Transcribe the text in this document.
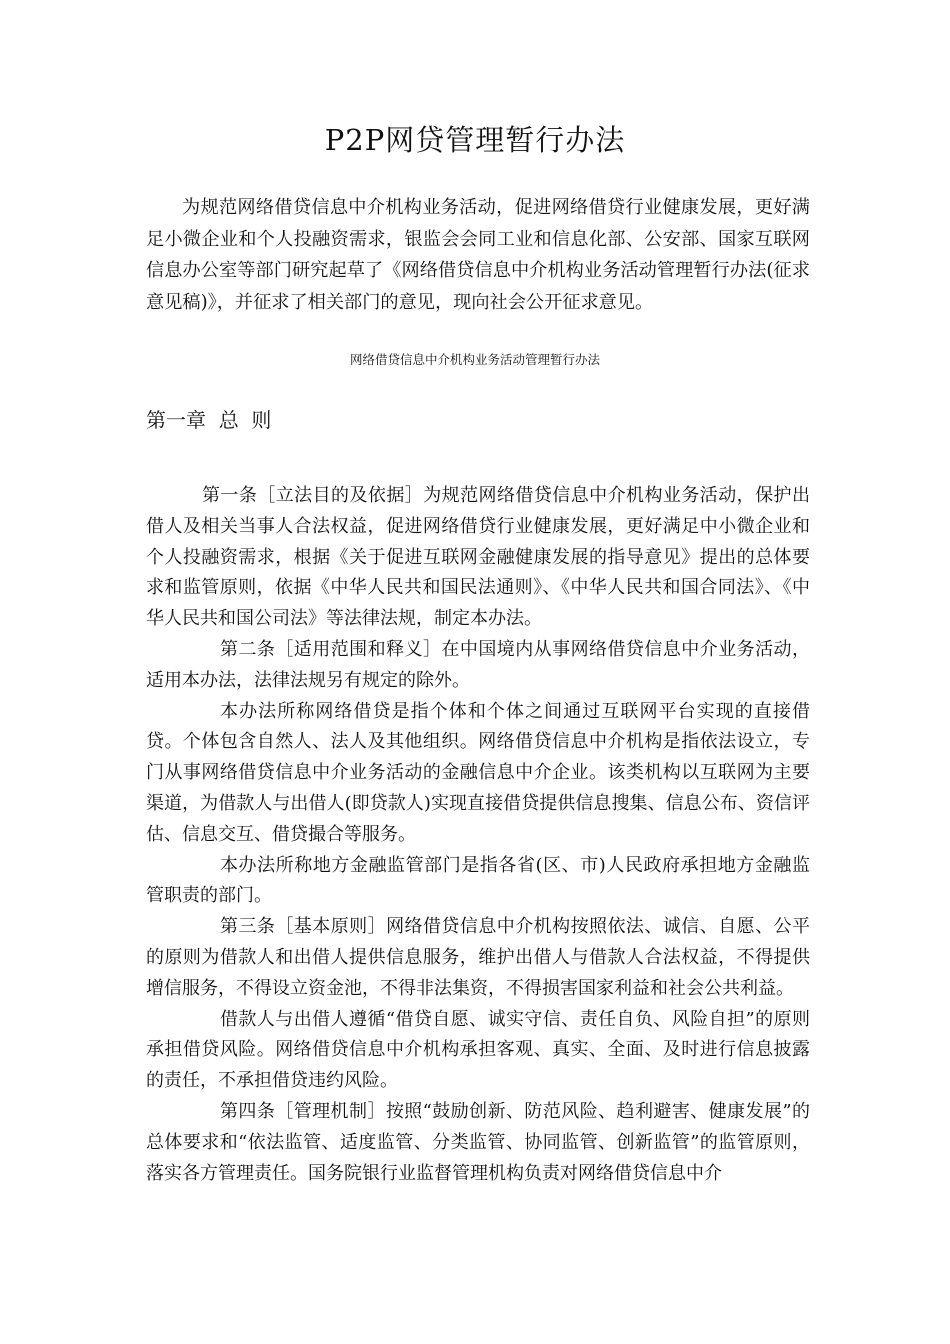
P2P网贷管理暂行办法

为规范网络借贷信息中介机构业务活动，促进网络借贷行业健康发展，更好满足小微企业和个人投融资需求，银监会会同工业和信息化部、公安部、国家互联网信息办公室等部门研究起草了《网络借贷信息中介机构业务活动管理暂行办法(征求意见稿)》，并征求了相关部门的意见，现向社会公开征求意见。

网络借贷信息中介机构业务活动管理暂行办法
第一章  总  则

第一条［立法目的及依据］为规范网络借贷信息中介机构业务活动，保护出借人及相关当事人合法权益，促进网络借贷行业健康发展，更好满足中小微企业和个人投融资需求，根据《关于促进互联网金融健康发展的指导意见》提出的总体要求和监管原则，依据《中华人民共和国民法通则》、《中华人民共和国合同法》、《中华人民共和国公司法》等法律法规，制定本办法。

第二条［适用范围和释义］在中国境内从事网络借贷信息中介业务活动，适用本办法，法律法规另有规定的除外。

本办法所称网络借贷是指个体和个体之间通过互联网平台实现的直接借贷。个体包含自然人、法人及其他组织。网络借贷信息中介机构是指依法设立，专门从事网络借贷信息中介业务活动的金融信息中介企业。该类机构以互联网为主要渠道，为借款人与出借人(即贷款人)实现直接借贷提供信息搜集、信息公布、资信评估、信息交互、借贷撮合等服务。

本办法所称地方金融监管部门是指各省(区、市)人民政府承担地方金融监管职责的部门。

第三条［基本原则］网络借贷信息中介机构按照依法、诚信、自愿、公平的原则为借款人和出借人提供信息服务，维护出借人与借款人合法权益，不得提供增信服务，不得设立资金池，不得非法集资，不得损害国家利益和社会公共利益。

借款人与出借人遵循“借贷自愿、诚实守信、责任自负、风险自担”的原则承担借贷风险。网络借贷信息中介机构承担客观、真实、全面、及时进行信息披露的责任，不承担借贷违约风险。

第四条［管理机制］按照“鼓励创新、防范风险、趋利避害、健康发展”的总体要求和“依法监管、适度监管、分类监管、协同监管、创新监管”的监管原则，落实各方管理责任。国务院银行业监督管理机构负责对网络借贷信息中介
